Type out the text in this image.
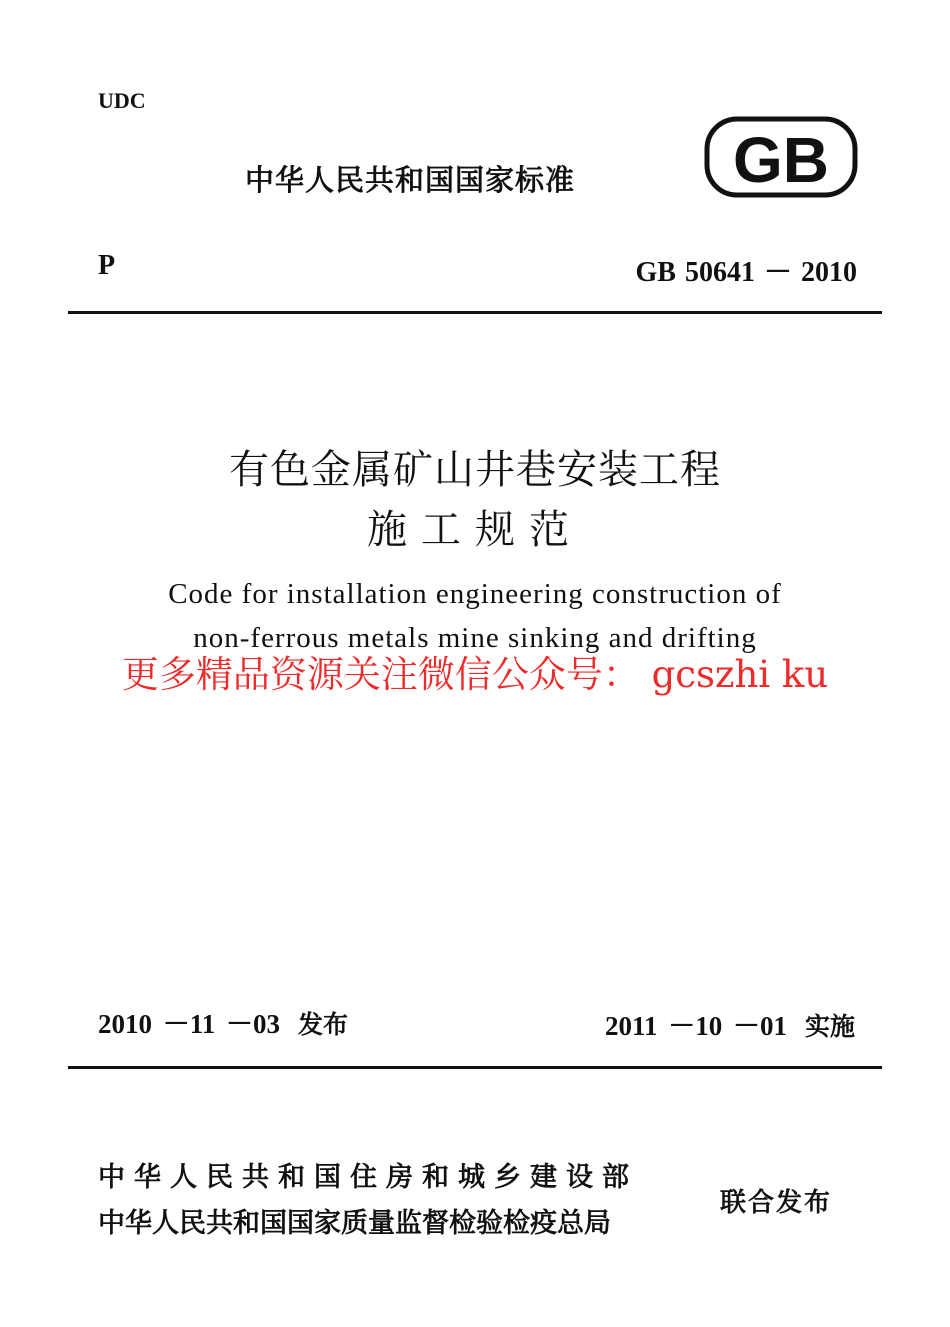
UDC
中华人民共和国国家标准 GB
P	GB 50641 － 2010
有色金属矿山井巷安装工程
施工规范
Code for installation engineering construction of
non-ferrous metals mine sinking and drifting
更多精品资源关注微信公众号： gcszhi ku
2010 －11 －03 发布	2011 －10 －01 实施
中华人民共和国住房和城乡建设部
中华人民共和国国家质量监督检验检疫总局
联合发布
